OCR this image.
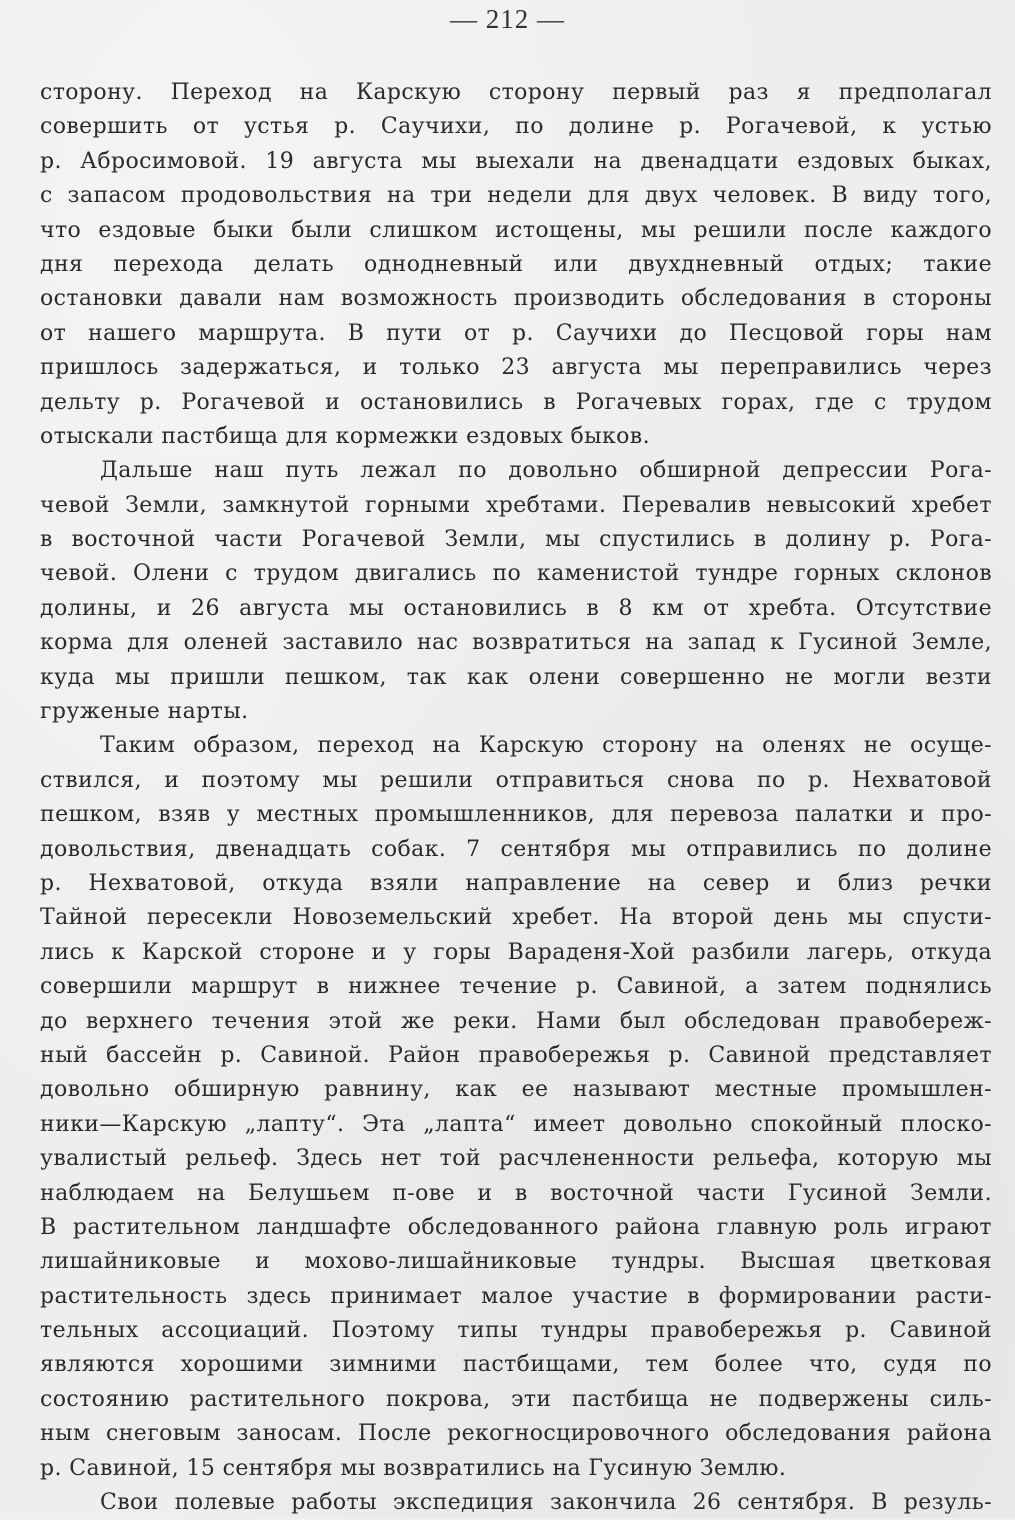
— 212 —
сторону. Переход на Карскую сторону первый раз я предполагал
совершить от устья р. Саучихи, по долине р. Рогачевой, к устью
р. Абросимовой. 19 августа мы выехали на двенадцати ездовых быках,
с запасом продовольствия на три недели для двух человек. В виду того,
что ездовые быки были слишком истощены, мы решили после каждого
дня перехода делать однодневный или двухдневный отдых; такие
остановки давали нам возможность производить обследования в стороны
от нашего маршрута. В пути от р. Саучихи до Песцовой горы нам
пришлось задержаться, и только 23 августа мы переправились через
дельту р. Рогачевой и остановились в Рогачевых горах, где с трудом
отыскали пастбища для кормежки ездовых быков.
Дальше наш путь лежал по довольно обширной депрессии Рога-
чевой Земли, замкнутой горными хребтами. Перевалив невысокий хребет
в восточной части Рогачевой Земли, мы спустились в долину р. Рога-
чевой. Олени с трудом двигались по каменистой тундре горных склонов
долины, и 26 августа мы остановились в 8 км от хребта. Отсутствие
корма для оленей заставило нас возвратиться на запад к Гусиной Земле,
куда мы пришли пешком, так как олени совершенно не могли везти
груженые нарты.
Таким образом, переход на Карскую сторону на оленях не осуще-
ствился, и поэтому мы решили отправиться снова по р. Нехватовой
пешком, взяв у местных промышленников, для перевоза палатки и про-
довольствия, двенадцать собак. 7 сентября мы отправились по долине
р. Нехватовой, откуда взяли направление на север и близ речки
Тайной пересекли Новоземельский хребет. На второй день мы спусти-
лись к Карской стороне и у горы Вараденя-Хой разбили лагерь, откуда
совершили маршрут в нижнее течение р. Савиной, а затем поднялись
до верхнего течения этой же реки. Нами был обследован правобереж-
ный бассейн р. Савиной. Район правобережья р. Савиной представляет
довольно обширную равнину, как ее называют местные промышлен-
ники—Карскую „лапту“. Эта „лапта“ имеет довольно спокойный плоско-
увалистый рельеф. Здесь нет той расчлененности рельефа, которую мы
наблюдаем на Белушьем п-ове и в восточной части Гусиной Земли.
В растительном ландшафте обследованного района главную роль играют
лишайниковые и мохово-лишайниковые тундры. Высшая цветковая
растительность здесь принимает малое участие в формировании расти-
тельных ассоциаций. Поэтому типы тундры правобережья р. Савиной
являются хорошими зимними пастбищами, тем более что, судя по
состоянию растительного покрова, эти пастбища не подвержены силь-
ным снеговым заносам. После рекогносцировочного обследования района
р. Савиной, 15 сентября мы возвратились на Гусиную Землю.
Свои полевые работы экспедиция закончила 26 сентября. В резуль-
